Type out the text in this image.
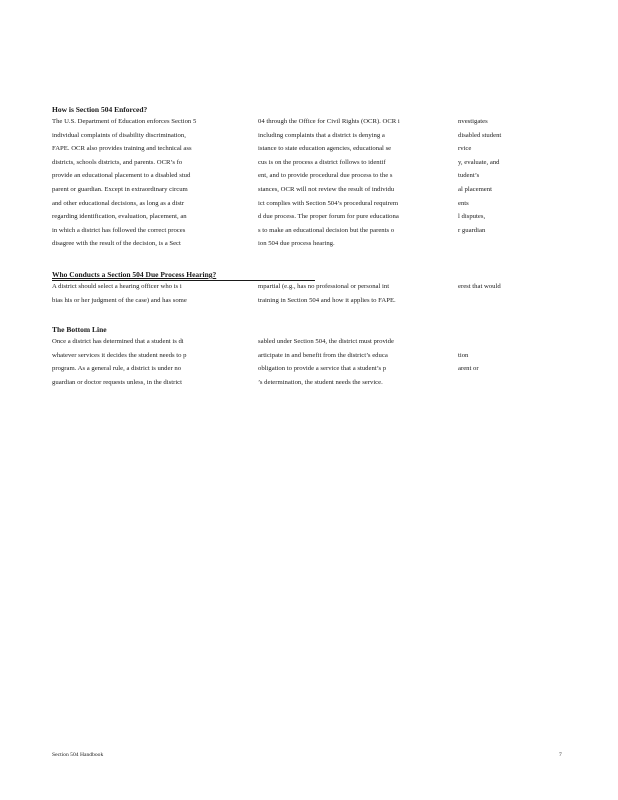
How is Section 504 Enforced?
The U.S. Department of Education enforces Section 5	04 through the Office for Civil Rights (OCR). OCR i	nvestigates
individual complaints of disability discrimination,	including complaints that a district is denying a	disabled student
FAPE. OCR also provides training and technical ass	istance to state education agencies, educational se	rvice
districts, schools districts, and parents. OCR’s fo	cus is on the process a district follows to identif	y, evaluate, and
provide an educational placement to a disabled stud	ent, and to provide procedural due process to the s	tudent’s
parent or guardian. Except in extraordinary circum	stances, OCR will not review the result of individu	al placement
and other educational decisions, as long as a distr	ict complies with Section 504’s procedural requirem	ents
regarding identification, evaluation, placement, an	d due process. The proper forum for pure educationa	l disputes,
in which a district has followed the correct proces	s to make an educational decision but the parents o	r guardian
disagree with the result of the decision, is a Sect	ion 504 due process hearing.
Who Conducts a Section 504 Due Process Hearing?
A district should select a hearing officer who is i	mpartial (e.g., has no professional or personal int	erest that would
bias his or her judgment of the case) and has some	training in Section 504 and how it applies to FAPE.
The Bottom Line
Once a district has determined that a student is di	sabled under Section 504, the district must provide
whatever services it decides the student needs to p	articipate in and benefit from the district’s educa	tion
program. As a general rule, a district is under no	obligation to provide a service that a student’s p	arent or
guardian or doctor requests unless, in the district	’s determination, the student needs the service.
Section 504 Handbook	7
